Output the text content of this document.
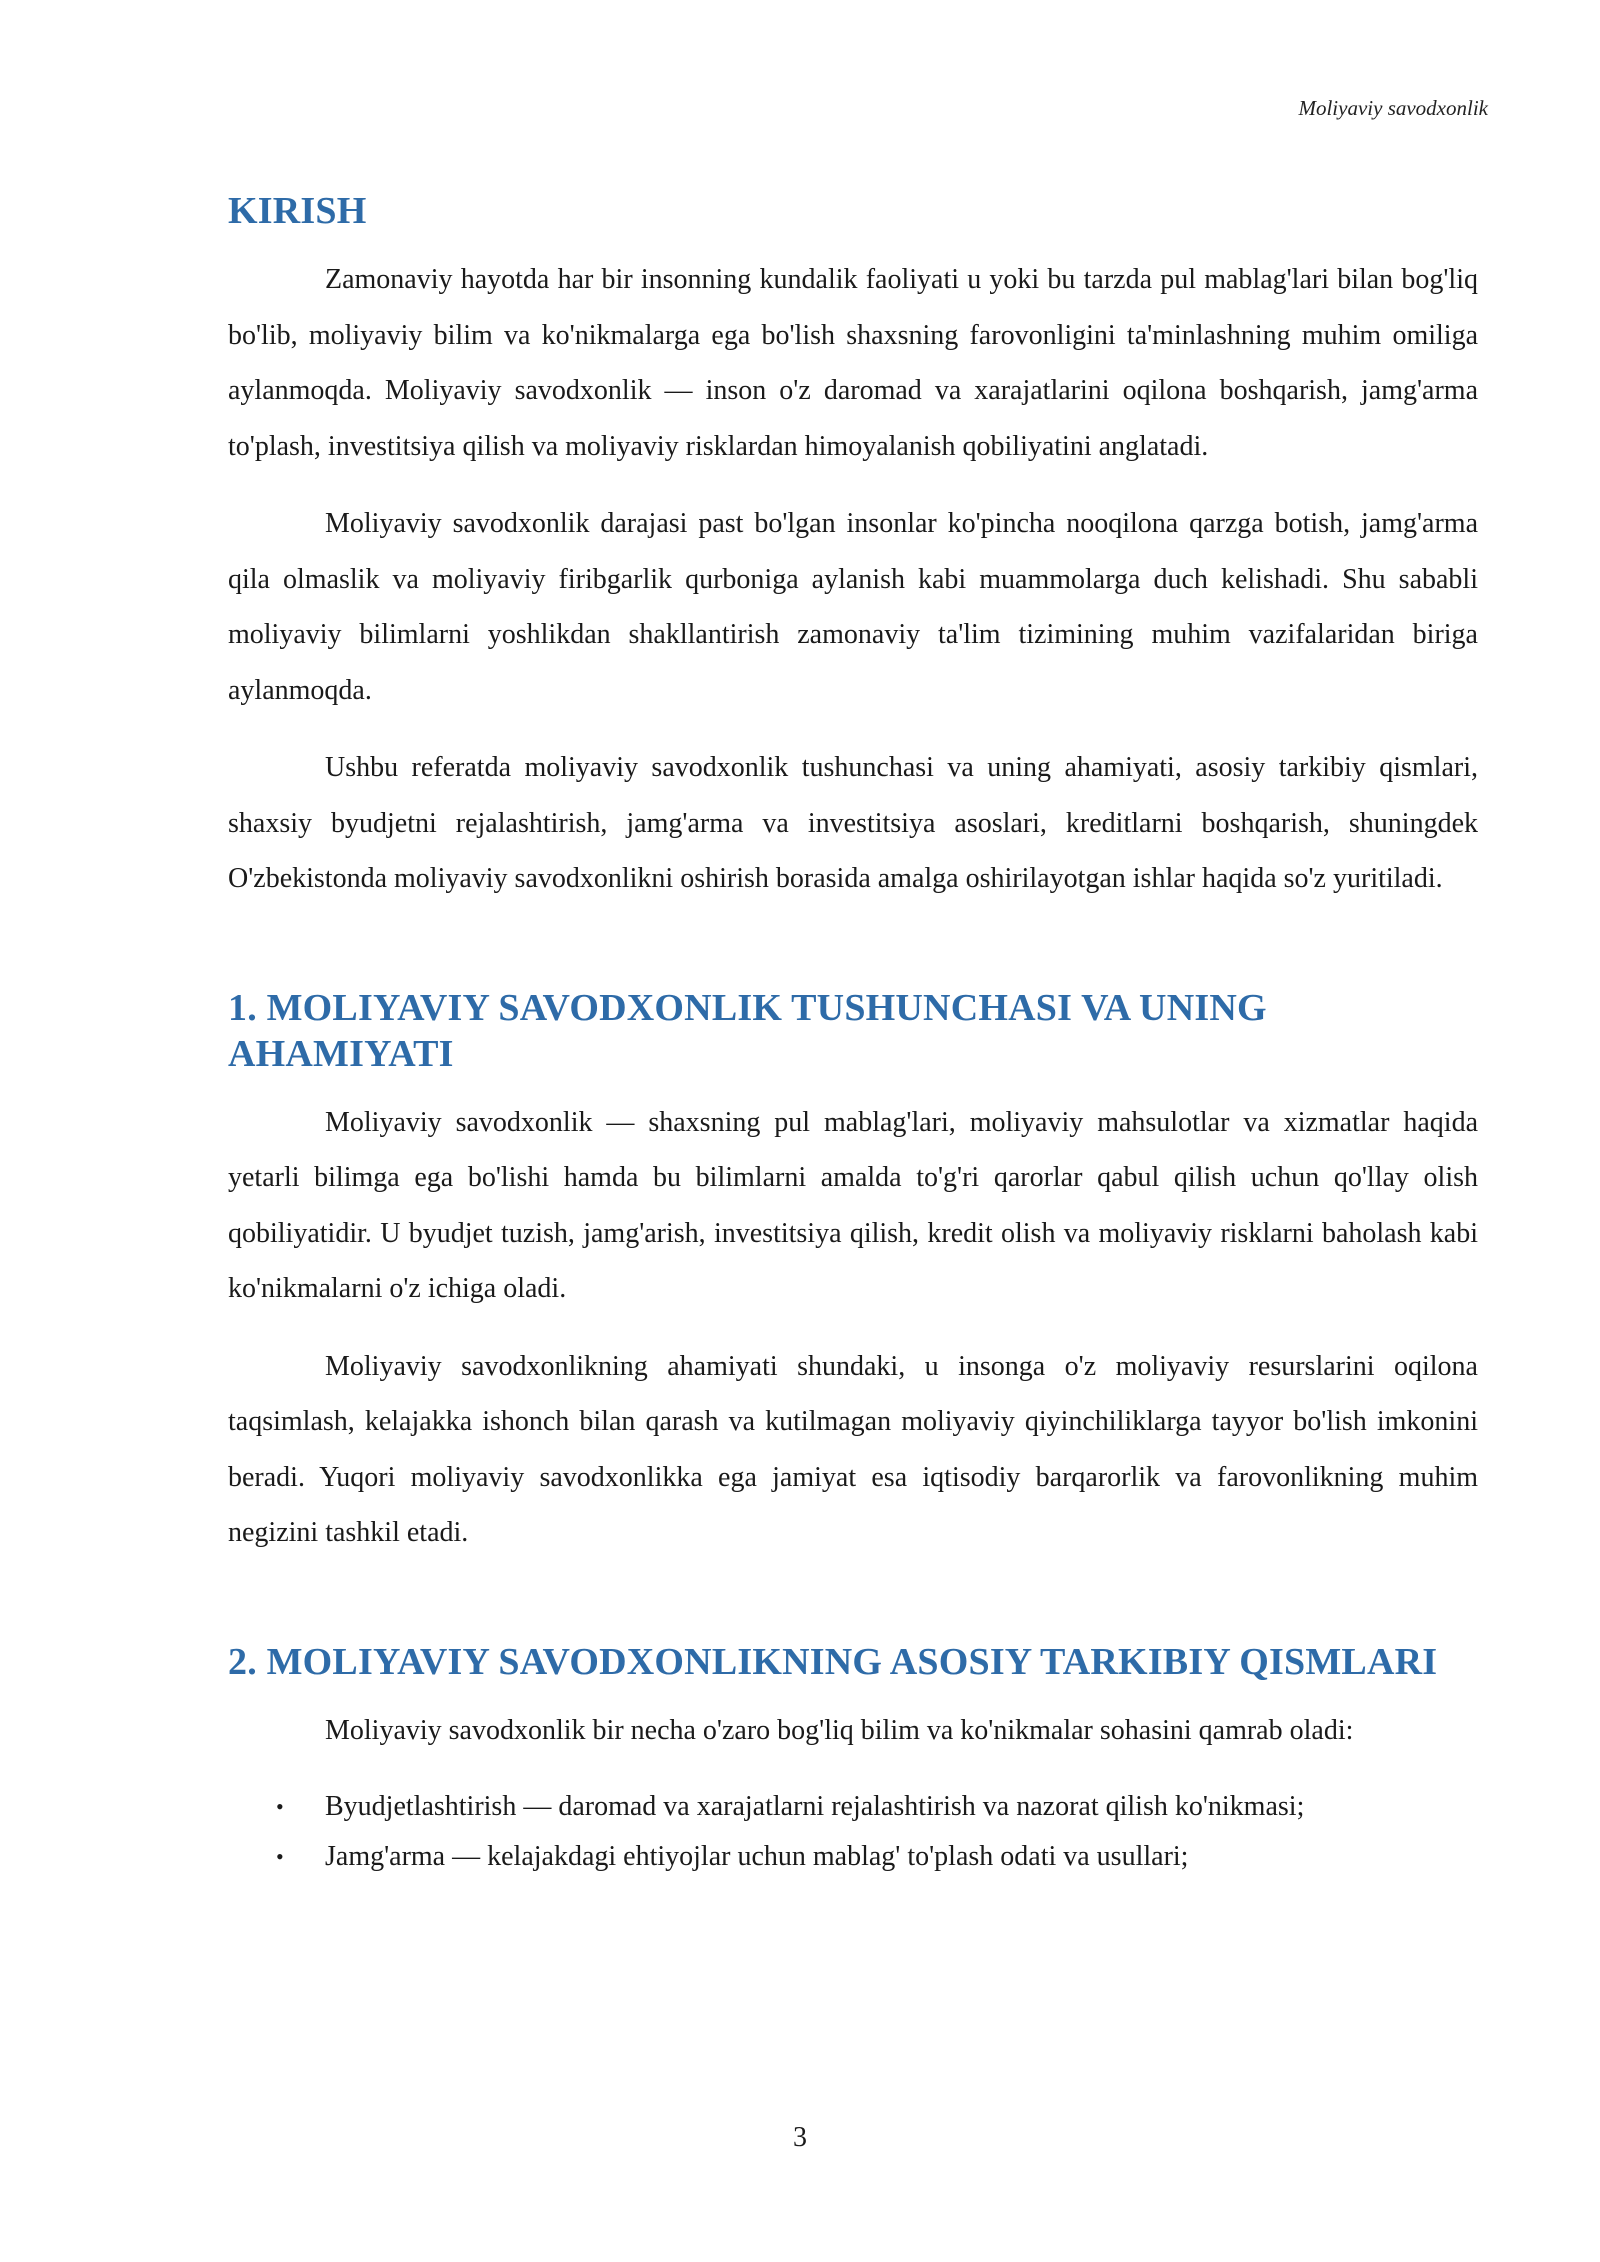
Moliyaviy savodxonlik
KIRISH

Zamonaviy hayotda har bir insonning kundalik faoliyati u yoki bu tarzda pul mablag'lari bilan bog'liq bo'lib, moliyaviy bilim va ko'nikmalarga ega bo'lish shaxsning farovonligini ta'minlashning muhim omiliga aylanmoqda. Moliyaviy savodxonlik — inson o'z daromad va xarajatlarini oqilona boshqarish, jamg'arma to'plash, investitsiya qilish va moliyaviy risklardan himoyalanish qobiliyatini anglatadi.

Moliyaviy savodxonlik darajasi past bo'lgan insonlar ko'pincha nooqilona qarzga botish, jamg'arma qila olmaslik va moliyaviy firibgarlik qurboniga aylanish kabi muammolarga duch kelishadi. Shu sababli moliyaviy bilimlarni yoshlikdan shakllantirish zamonaviy ta'lim tizimining muhim vazifalaridan biriga aylanmoqda.

Ushbu referatda moliyaviy savodxonlik tushunchasi va uning ahamiyati, asosiy tarkibiy qismlari, shaxsiy byudjetni rejalashtirish, jamg'arma va investitsiya asoslari, kreditlarni boshqarish, shuningdek O'zbekistonda moliyaviy savodxonlikni oshirish borasida amalga oshirilayotgan ishlar haqida so'z yuritiladi.

1. MOLIYAVIY SAVODXONLIK TUSHUNCHASI VA UNING AHAMIYATI

Moliyaviy savodxonlik — shaxsning pul mablag'lari, moliyaviy mahsulotlar va xizmatlar haqida yetarli bilimga ega bo'lishi hamda bu bilimlarni amalda to'g'ri qarorlar qabul qilish uchun qo'llay olish qobiliyatidir. U byudjet tuzish, jamg'arish, investitsiya qilish, kredit olish va moliyaviy risklarni baholash kabi ko'nikmalarni o'z ichiga oladi.

Moliyaviy savodxonlikning ahamiyati shundaki, u insonga o'z moliyaviy resurslarini oqilona taqsimlash, kelajakka ishonch bilan qarash va kutilmagan moliyaviy qiyinchiliklarga tayyor bo'lish imkonini beradi. Yuqori moliyaviy savodxonlikka ega jamiyat esa iqtisodiy barqarorlik va farovonlikning muhim negizini tashkil etadi.

2. MOLIYAVIY SAVODXONLIKNING ASOSIY TARKIBIY QISMLARI

Moliyaviy savodxonlik bir necha o'zaro bog'liq bilim va ko'nikmalar sohasini qamrab oladi:

• Byudjetlashtirish — daromad va xarajatlarni rejalashtirish va nazorat qilish ko'nikmasi;
• Jamg'arma — kelajakdagi ehtiyojlar uchun mablag' to'plash odati va usullari;
3
